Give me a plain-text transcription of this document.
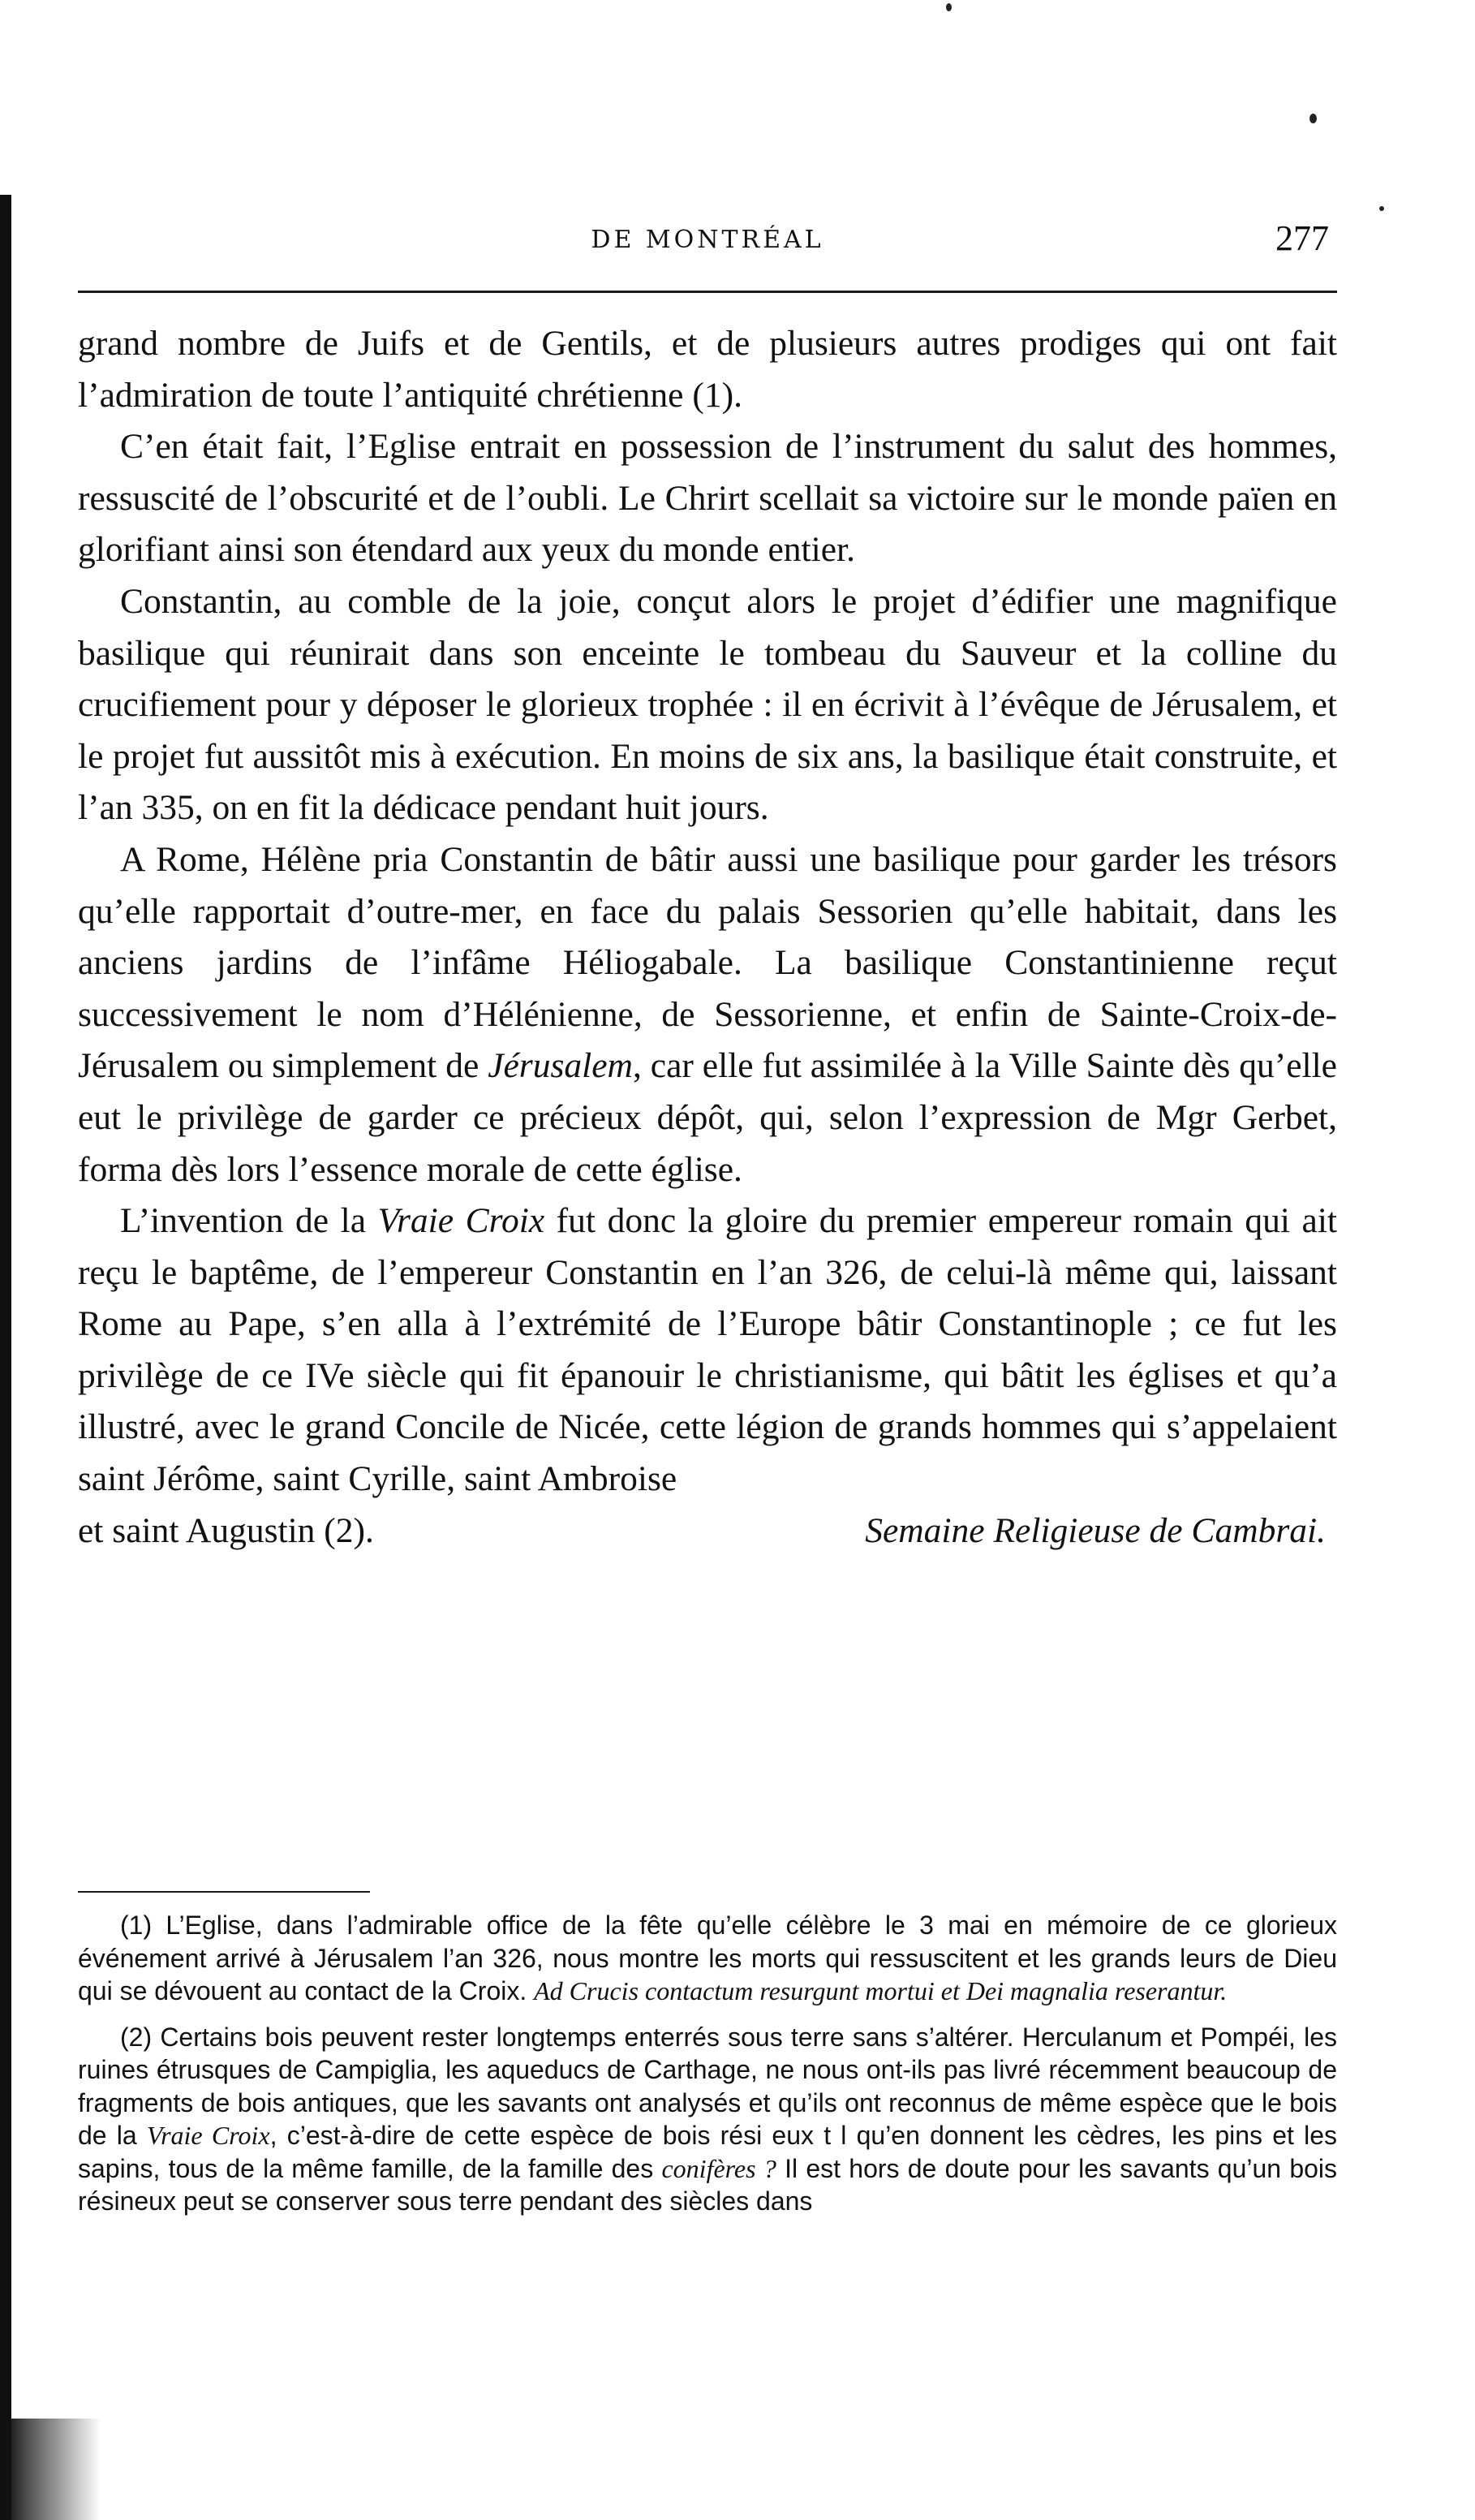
DE MONTRÉAL	277

grand nombre de Juifs et de Gentils, et de plusieurs autres prodiges qui ont fait l’admiration de toute l’antiquité chrétienne (1).

C’en était fait, l’Eglise entrait en possession de l’instrument du salut des hommes, ressuscité de l’obscurité et de l’oubli. Le Chrirt scellait sa victoire sur le monde païen en glorifiant ainsi son étendard aux yeux du monde entier.

Constantin, au comble de la joie, conçut alors le projet d’édifier une magnifique basilique qui réunirait dans son enceinte le tombeau du Sauveur et la colline du crucifiement pour y déposer le glorieux trophée : il en écrivit à l’évêque de Jérusalem, et le projet fut aussitôt mis à exécution. En moins de six ans, la basilique était construite, et l’an 335, on en fit la dédicace pendant huit jours.

A Rome, Hélène pria Constantin de bâtir aussi une basilique pour garder les trésors qu’elle rapportait d’outre-mer, en face du palais Sessorien qu’elle habitait, dans les anciens jardins de l’infâme Héliogabale. La basilique Constantinienne reçut successivement le nom d’Hélénienne, de Sessorienne, et enfin de Sainte-Croix-de-Jérusalem ou simplement de Jérusalem, car elle fut assimilée à la Ville Sainte dès qu’elle eut le privilège de garder ce précieux dépôt, qui, selon l’expression de Mgr Gerbet, forma dès lors l’essence morale de cette église.

L’invention de la Vraie Croix fut donc la gloire du premier empereur romain qui ait reçu le baptême, de l’empereur Constantin en l’an 326, de celui-là même qui, laissant Rome au Pape, s’en alla à l’extrémité de l’Europe bâtir Constantinople ; ce fut les privilège de ce IVe siècle qui fit épanouir le christianisme, qui bâtit les églises et qu’a illustré, avec le grand Concile de Nicée, cette légion de grands hommes qui s’appelaient saint Jérôme, saint Cyrille, saint Ambroise
et saint Augustin (2).	Semaine Religieuse de Cambrai.

(1) L’Eglise, dans l’admirable office de la fête qu’elle célèbre le 3 mai en mémoire de ce glorieux événement arrivé à Jérusalem l’an 326, nous montre les morts qui ressuscitent et les grands leurs de Dieu qui se dévouent au contact de la Croix. Ad Crucis contactum resurgunt mortui et Dei magnalia reserantur.

(2) Certains bois peuvent rester longtemps enterrés sous terre sans s’altérer. Herculanum et Pompéi, les ruines étrusques de Campiglia, les aqueducs de Carthage, ne nous ont-ils pas livré récemment beaucoup de fragments de bois antiques, que les savants ont analysés et qu’ils ont reconnus de même espèce que le bois de la Vraie Croix, c’est-à-dire de cette espèce de bois rési eux t l qu’en donnent les cèdres, les pins et les sapins, tous de la même famille, de la famille des conifères ? Il est hors de doute pour les savants qu’un bois résineux peut se conserver sous terre pendant des siècles dans
